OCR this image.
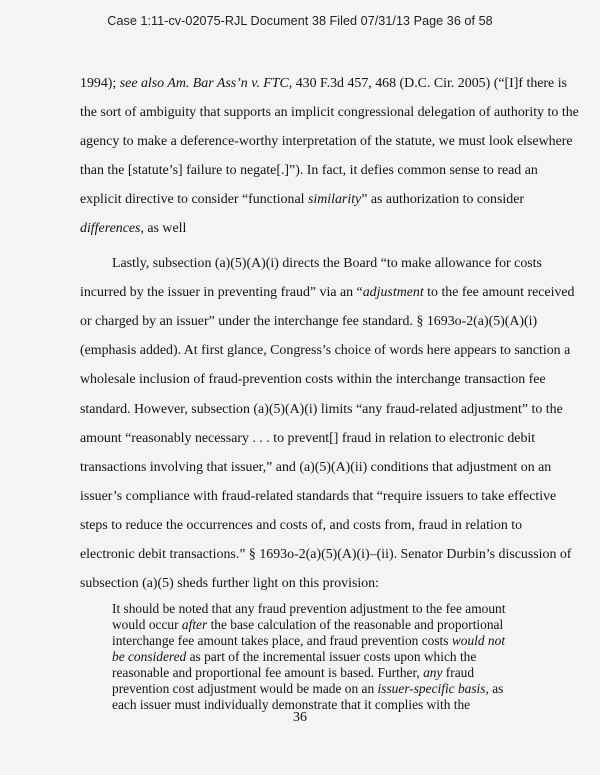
Case 1:11-cv-02075-RJL Document 38 Filed 07/31/13 Page 36 of 58
1994); see also Am. Bar Ass’n v. FTC, 430 F.3d 457, 468 (D.C. Cir. 2005) (“[I]f there is
the sort of ambiguity that supports an implicit congressional delegation of authority to the
agency to make a deference-worthy interpretation of the statute, we must look elsewhere
than the [statute’s] failure to negate[.]”). In fact, it defies common sense to read an
explicit directive to consider “functional similarity” as authorization to consider
differences, as well
Lastly, subsection (a)(5)(A)(i) directs the Board “to make allowance for costs
incurred by the issuer in preventing fraud” via an “adjustment to the fee amount received
or charged by an issuer” under the interchange fee standard. § 1693o-2(a)(5)(A)(i)
(emphasis added). At first glance, Congress’s choice of words here appears to sanction a
wholesale inclusion of fraud-prevention costs within the interchange transaction fee
standard. However, subsection (a)(5)(A)(i) limits “any fraud-related adjustment” to the
amount “reasonably necessary . . . to prevent[] fraud in relation to electronic debit
transactions involving that issuer,” and (a)(5)(A)(ii) conditions that adjustment on an
issuer’s compliance with fraud-related standards that “require issuers to take effective
steps to reduce the occurrences and costs of, and costs from, fraud in relation to
electronic debit transactions.” § 1693o-2(a)(5)(A)(i)–(ii). Senator Durbin’s discussion of
subsection (a)(5) sheds further light on this provision:
It should be noted that any fraud prevention adjustment to the fee amount
would occur after the base calculation of the reasonable and proportional
interchange fee amount takes place, and fraud prevention costs would not
be considered as part of the incremental issuer costs upon which the
reasonable and proportional fee amount is based. Further, any fraud
prevention cost adjustment would be made on an issuer-specific basis, as
each issuer must individually demonstrate that it complies with the
36
